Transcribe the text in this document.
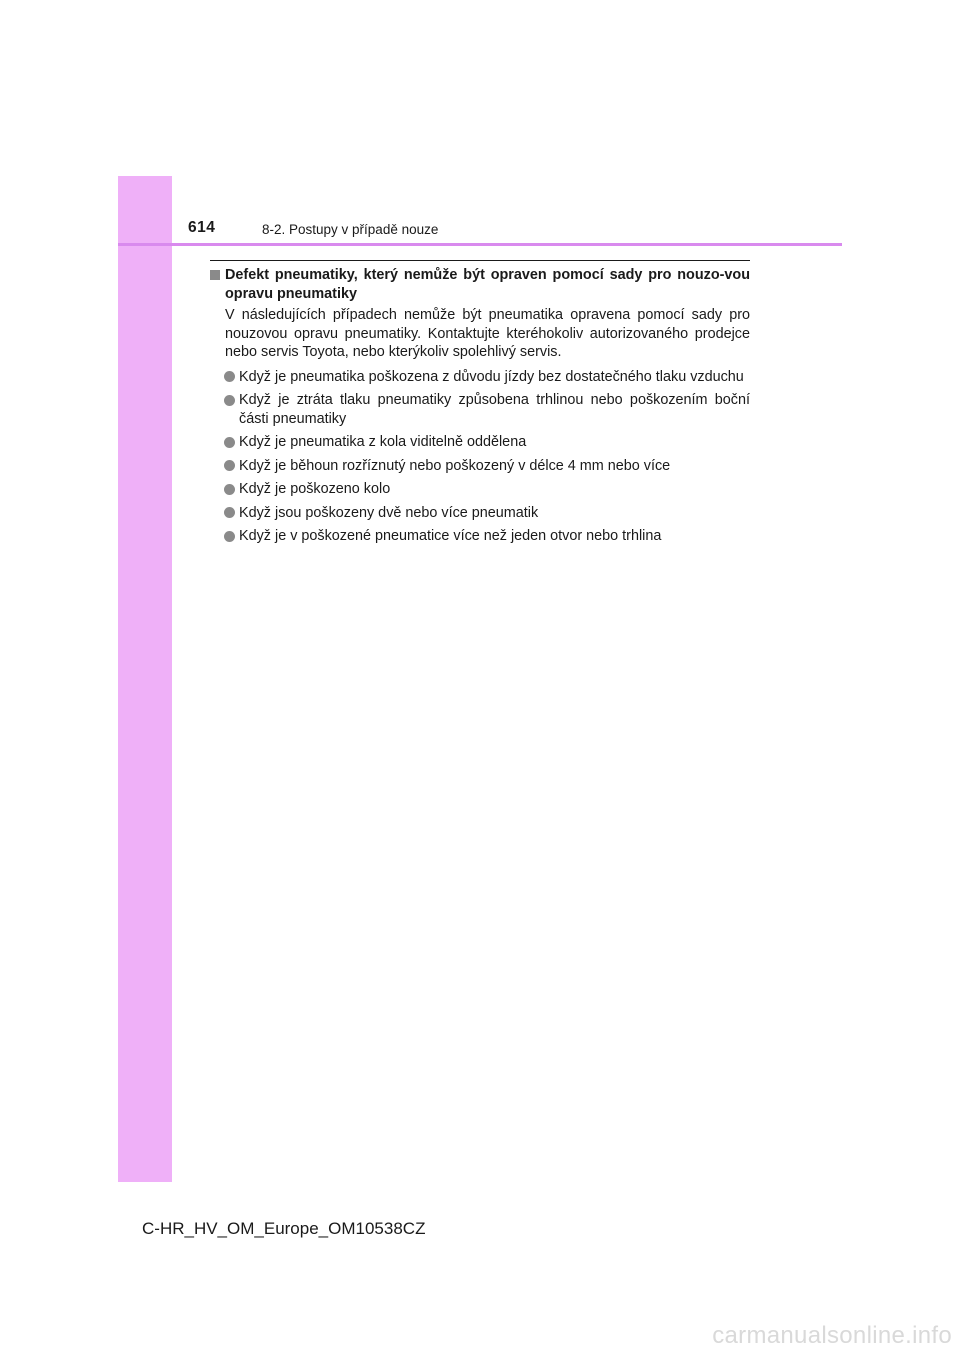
614	8-2. Postupy v případě nouze
Defekt pneumatiky, který nemůže být opraven pomocí sady pro nouzo-vou opravu pneumatiky
V následujících případech nemůže být pneumatika opravena pomocí sady pro nouzovou opravu pneumatiky. Kontaktujte kteréhokoliv autorizovaného prodejce nebo servis Toyota, nebo kterýkoliv spolehlivý servis.
Když je pneumatika poškozena z důvodu jízdy bez dostatečného tlaku vzduchu
Když je ztráta tlaku pneumatiky způsobena trhlinou nebo poškozením boční části pneumatiky
Když je pneumatika z kola viditelně oddělena
Když je běhoun rozříznutý nebo poškozený v délce 4 mm nebo více
Když je poškozeno kolo
Když jsou poškozeny dvě nebo více pneumatik
Když je v poškozené pneumatice více než jeden otvor nebo trhlina
C-HR_HV_OM_Europe_OM10538CZ
carmanualsonline.info
